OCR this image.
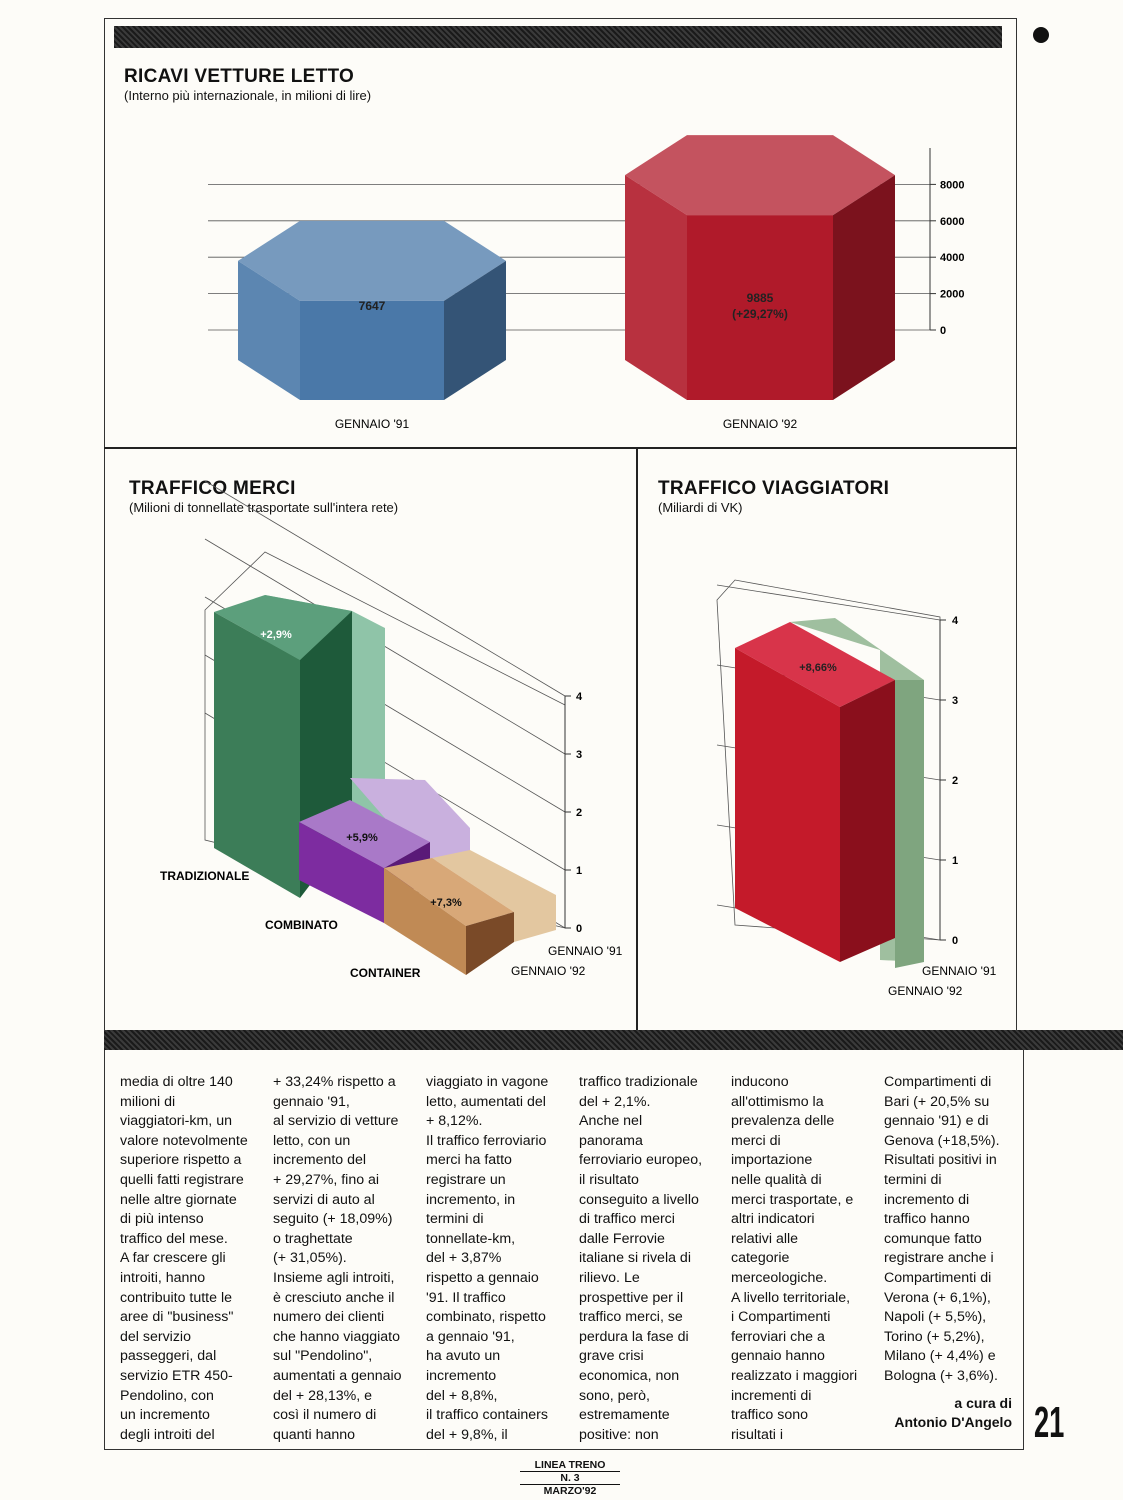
RICAVI VETTURE LETTO
(Interno più internazionale, in milioni di lire)
0
2000
4000
6000
8000
7647
GENNAIO '91
9885
(+29,27%)
GENNAIO '92
TRAFFICO MERCI
(Milioni di tonnellate trasportate sull'intera rete)
0
1
2
3
4
+2,9%
+5,9%
+7,3%
TRADIZIONALE
COMBINATO
CONTAINER
GENNAIO '91
GENNAIO '92
TRAFFICO VIAGGIATORI
(Miliardi di VK)
0
1
2
3
4
+8,66%
GENNAIO '91
GENNAIO '92
media di oltre 140
milioni di
viaggiatori-km, un
valore notevolmente
superiore rispetto a
quelli fatti registrare
nelle altre giornate
di più intenso
traffico del mese.
A far crescere gli
introiti, hanno
contribuito tutte le
aree di "business"
del servizio
passeggeri, dal
servizio ETR 450-
Pendolino, con
un incremento
degli introiti del
+ 33,24% rispetto a
gennaio '91,
al servizio di vetture
letto, con un
incremento del
+ 29,27%, fino ai
servizi di auto al
seguito (+ 18,09%)
o traghettate
(+ 31,05%).
Insieme agli introiti,
è cresciuto anche il
numero dei clienti
che hanno viaggiato
sul "Pendolino",
aumentati a gennaio
del + 28,13%, e
così il numero di
quanti hanno
viaggiato in vagone
letto, aumentati del
+ 8,12%.
Il traffico ferroviario
merci ha fatto
registrare un
incremento, in
termini di
tonnellate-km,
del + 3,87%
rispetto a gennaio
'91. Il traffico
combinato, rispetto
a gennaio '91,
ha avuto un
incremento
del + 8,8%,
il traffico containers
del + 9,8%, il
traffico tradizionale
del + 2,1%.
Anche nel
panorama
ferroviario europeo,
il risultato
conseguito a livello
di traffico merci
dalle Ferrovie
italiane si rivela di
rilievo. Le
prospettive per il
traffico merci, se
perdura la fase di
grave crisi
economica, non
sono, però,
estremamente
positive: non
inducono
all'ottimismo la
prevalenza delle
merci di
importazione
nelle qualità di
merci trasportate, e
altri indicatori
relativi alle
categorie
merceologiche.
A livello territoriale,
i Compartimenti
ferroviari che a
gennaio hanno
realizzato i maggiori
incrementi di
traffico sono
risultati i
Compartimenti di
Bari (+ 20,5% su
gennaio '91) e di
Genova (+18,5%).
Risultati positivi in
termini di
incremento di
traffico hanno
comunque fatto
registrare anche i
Compartimenti di
Verona (+ 6,1%),
Napoli (+ 5,5%),
Torino (+ 5,2%),
Milano (+ 4,4%) e
Bologna (+ 3,6%).
a cura di
Antonio D'Angelo 21
LINEA TRENO
N. 3
MARZO'92
